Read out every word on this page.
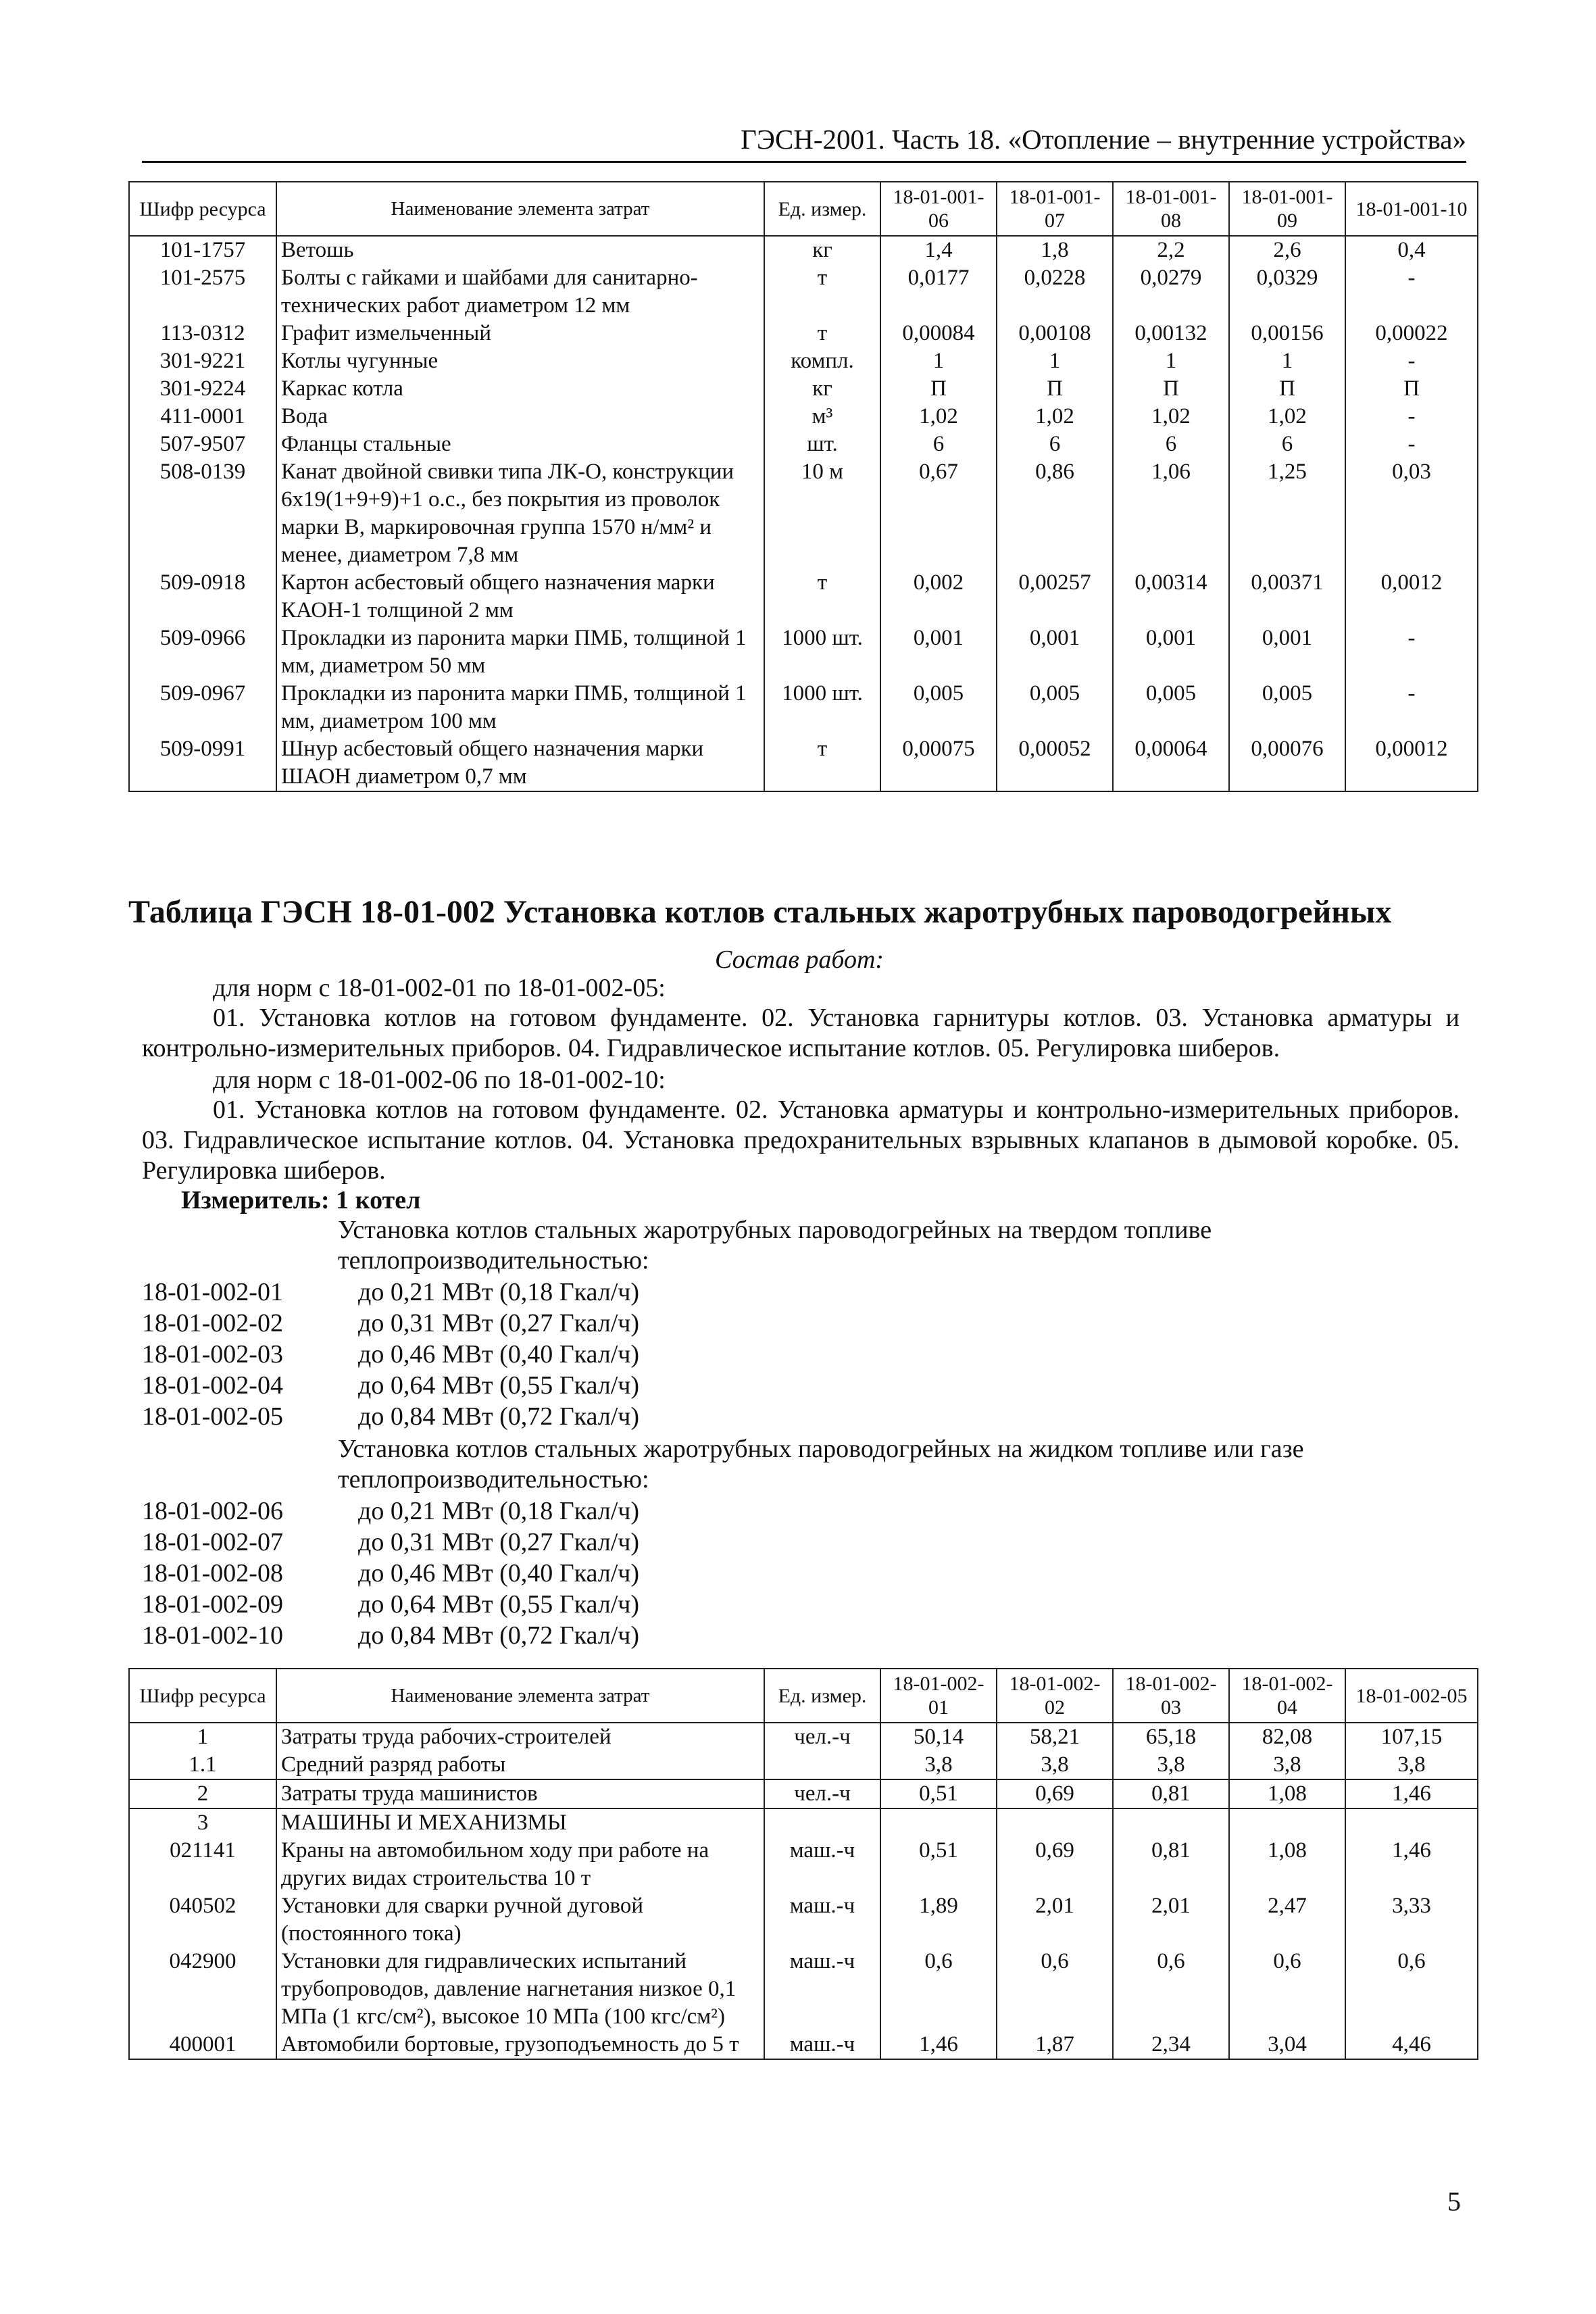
ГЭСН-2001. Часть 18. «Отопление – внутренние устройства»
Шифр ресурса	Наименование элемента затрат	Ед. измер.	18-01-001-06	18-01-001-07	18-01-001-08	18-01-001-09	18-01-001-10
101-1757	Ветошь	кг	1,4	1,8	2,2	2,6	0,4
101-2575	Болты с гайками и шайбами для санитарно-технических работ диаметром 12 мм	т	0,0177	0,0228	0,0279	0,0329	-
113-0312	Графит измельченный	т	0,00084	0,00108	0,00132	0,00156	0,00022
301-9221	Котлы чугунные	компл.	1	1	1	1	-
301-9224	Каркас котла	кг	П	П	П	П	П
411-0001	Вода	м³	1,02	1,02	1,02	1,02	-
507-9507	Фланцы стальные	шт.	6	6	6	6	-
508-0139	Канат двойной свивки типа ЛК-О, конструкции 6х19(1+9+9)+1 о.с., без покрытия из проволок марки В, маркировочная группа 1570 н/мм² и менее, диаметром 7,8 мм	10 м	0,67	0,86	1,06	1,25	0,03
509-0918	Картон асбестовый общего назначения марки КАОН-1 толщиной 2 мм	т	0,002	0,00257	0,00314	0,00371	0,0012
509-0966	Прокладки из паронита марки ПМБ, толщиной 1 мм, диаметром 50 мм	1000 шт.	0,001	0,001	0,001	0,001	-
509-0967	Прокладки из паронита марки ПМБ, толщиной 1 мм, диаметром 100 мм	1000 шт.	0,005	0,005	0,005	0,005	-
509-0991	Шнур асбестовый общего назначения марки ШАОН диаметром 0,7 мм	т	0,00075	0,00052	0,00064	0,00076	0,00012
Таблица ГЭСН 18-01-002 Установка котлов стальных жаротрубных пароводогрейных
Состав работ:
для норм с 18-01-002-01 по 18-01-002-05:
01. Установка котлов на готовом фундаменте. 02. Установка гарнитуры котлов. 03. Установка арматуры и контрольно-измерительных приборов. 04. Гидравлическое испытание котлов. 05. Регулировка шиберов.
для норм с 18-01-002-06 по 18-01-002-10:
01. Установка котлов на готовом фундаменте. 02. Установка арматуры и контрольно-измерительных приборов. 03. Гидравлическое испытание котлов. 04. Установка предохранительных взрывных клапанов в дымовой коробке. 05. Регулировка шиберов.
Измеритель: 1 котел
Установка котлов стальных жаротрубных пароводогрейных на твердом топливе теплопроизводительностью:
18-01-002-01	до 0,21 МВт (0,18 Гкал/ч)
18-01-002-02	до 0,31 МВт (0,27 Гкал/ч)
18-01-002-03	до 0,46 МВт (0,40 Гкал/ч)
18-01-002-04	до 0,64 МВт (0,55 Гкал/ч)
18-01-002-05	до 0,84 МВт (0,72 Гкал/ч)
Установка котлов стальных жаротрубных пароводогрейных на жидком топливе или газе теплопроизводительностью:
18-01-002-06	до 0,21 МВт (0,18 Гкал/ч)
18-01-002-07	до 0,31 МВт (0,27 Гкал/ч)
18-01-002-08	до 0,46 МВт (0,40 Гкал/ч)
18-01-002-09	до 0,64 МВт (0,55 Гкал/ч)
18-01-002-10	до 0,84 МВт (0,72 Гкал/ч)
Шифр ресурса	Наименование элемента затрат	Ед. измер.	18-01-002-01	18-01-002-02	18-01-002-03	18-01-002-04	18-01-002-05
1	Затраты труда рабочих-строителей	чел.-ч	50,14	58,21	65,18	82,08	107,15
1.1	Средний разряд работы		3,8	3,8	3,8	3,8	3,8
2	Затраты труда машинистов	чел.-ч	0,51	0,69	0,81	1,08	1,46
3	МАШИНЫ И МЕХАНИЗМЫ						
021141	Краны на автомобильном ходу при работе на других видах строительства 10 т	маш.-ч	0,51	0,69	0,81	1,08	1,46
040502	Установки для сварки ручной дуговой (постоянного тока)	маш.-ч	1,89	2,01	2,01	2,47	3,33
042900	Установки для гидравлических испытаний трубопроводов, давление нагнетания низкое 0,1 МПа (1 кгс/см²), высокое 10 МПа (100 кгс/см²)	маш.-ч	0,6	0,6	0,6	0,6	0,6
400001	Автомобили бортовые, грузоподъемность до 5 т	маш.-ч	1,46	1,87	2,34	3,04	4,46
5
